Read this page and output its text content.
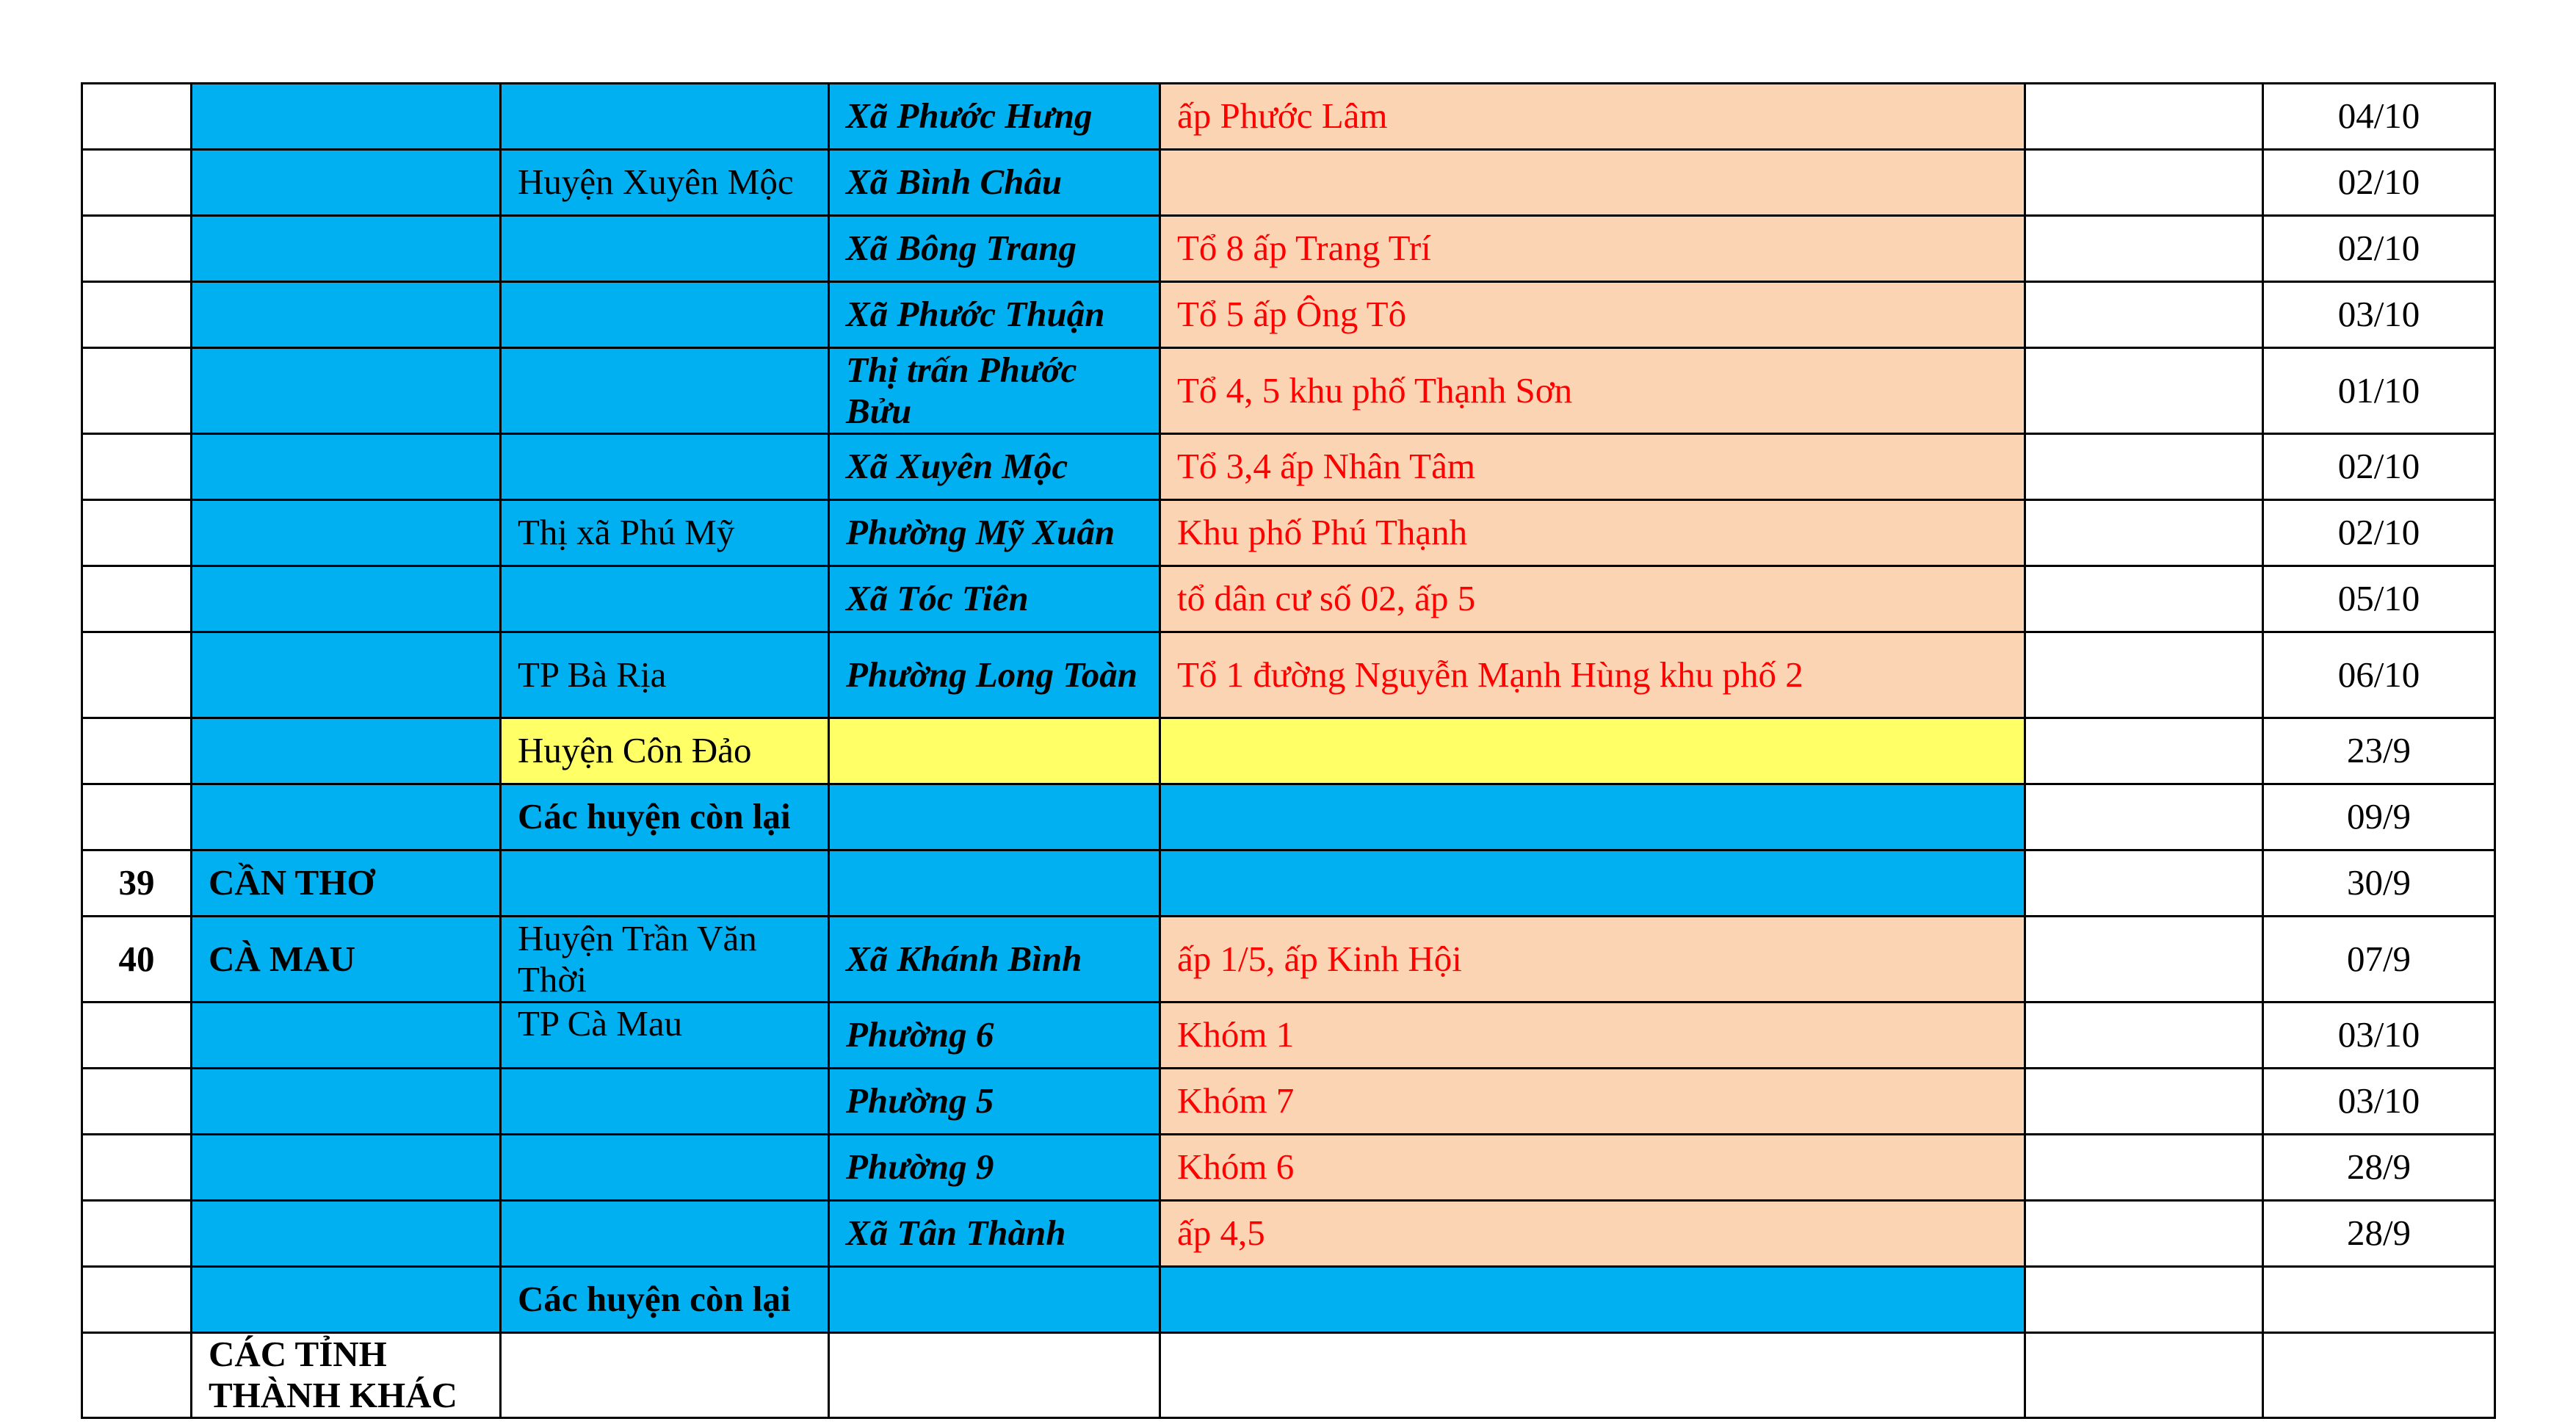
			Xã Phước Hưng	ấp Phước Lâm		04/10
		Huyện Xuyên Mộc	Xã Bình Châu			02/10
			Xã Bông Trang	Tổ 8 ấp Trang Trí		02/10
			Xã Phước Thuận	Tổ 5 ấp Ông Tô		03/10
			Thị trấn Phước Bửu	Tổ 4, 5 khu phố Thạnh Sơn		01/10
			Xã Xuyên Mộc	Tổ 3,4 ấp Nhân Tâm		02/10
		Thị xã Phú Mỹ	Phường Mỹ Xuân	Khu phố Phú Thạnh		02/10
			Xã Tóc Tiên	tổ dân cư số 02, ấp 5		05/10
		TP Bà Rịa	Phường Long Toàn	Tổ 1 đường Nguyễn Mạnh Hùng khu phố 2		06/10
		Huyện Côn Đảo				23/9
		Các huyện còn lại				09/9
39	CẦN THƠ					30/9
40	CÀ MAU	Huyện Trần Văn Thời	Xã Khánh Bình	ấp 1/5, ấp Kinh Hội		07/9
		TP Cà Mau	Phường 6	Khóm 1		03/10
			Phường 5	Khóm 7		03/10
			Phường 9	Khóm 6		28/9
			Xã Tân Thành	ấp 4,5		28/9
		Các huyện còn lại				
	CÁC TỈNH THÀNH KHÁC					
